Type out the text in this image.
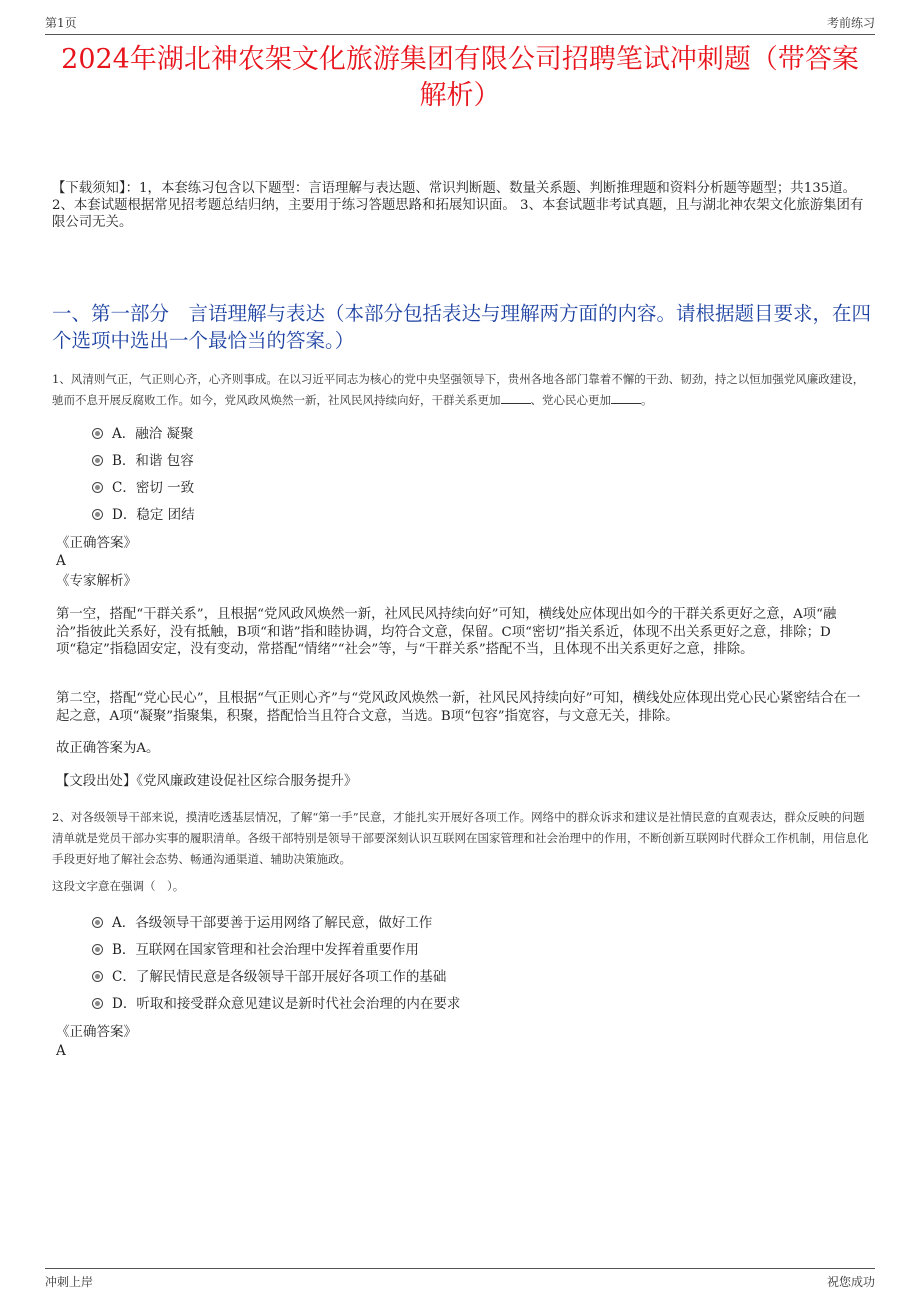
第1页	考前练习
2024年湖北神农架文化旅游集团有限公司招聘笔试冲刺题（带答案解析）
【下载须知】：1，本套练习包含以下题型：言语理解与表达题、常识判断题、数量关系题、判断推理题和资料分析题等题型；共135道。 2、本套试题根据常见招考题总结归纳，主要用于练习答题思路和拓展知识面。 3、本套试题非考试真题，且与湖北神农架文化旅游集团有限公司无关。
一、第一部分　言语理解与表达（本部分包括表达与理解两方面的内容。请根据题目要求，在四个选项中选出一个最恰当的答案。）
1、风清则气正，气正则心齐，心齐则事成。在以习近平同志为核心的党中央坚强领导下，贵州各地各部门靠着不懈的干劲、韧劲，持之以恒加强党风廉政建设，驰而不息开展反腐败工作。如今，党风政风焕然一新，社风民风持续向好，干群关系更加	、党心民心更加	。
A．融洽 凝聚
B．和谐 包容
C．密切 一致
D．稳定 团结
《正确答案》
A
《专家解析》
第一空，搭配“干群关系”，且根据“党风政风焕然一新，社风民风持续向好”可知，横线处应体现出如今的干群关系更好之意，A项“融洽”指彼此关系好，没有抵触，B项“和谐”指和睦协调，均符合文意，保留。C项“密切”指关系近，体现不出关系更好之意，排除；D项“稳定”指稳固安定，没有变动，常搭配“情绪”“社会”等，与“干群关系”搭配不当，且体现不出关系更好之意，排除。
第二空，搭配“党心民心”，且根据“气正则心齐”与“党风政风焕然一新，社风民风持续向好”可知，横线处应体现出党心民心紧密结合在一起之意，A项“凝聚”指聚集，积聚，搭配恰当且符合文意，当选。B项“包容”指宽容，与文意无关，排除。
故正确答案为A。
【文段出处】《党风廉政建设促社区综合服务提升》
2、对各级领导干部来说，摸清吃透基层情况，了解“第一手”民意，才能扎实开展好各项工作。网络中的群众诉求和建议是社情民意的直观表达，群众反映的问题清单就是党员干部办实事的履职清单。各级干部特别是领导干部要深刻认识互联网在国家管理和社会治理中的作用，不断创新互联网时代群众工作机制，用信息化手段更好地了解社会态势、畅通沟通渠道、辅助决策施政。
这段文字意在强调（　）。
A．各级领导干部要善于运用网络了解民意，做好工作
B．互联网在国家管理和社会治理中发挥着重要作用
C．了解民情民意是各级领导干部开展好各项工作的基础
D．听取和接受群众意见建议是新时代社会治理的内在要求
《正确答案》
A
冲刺上岸	祝您成功
